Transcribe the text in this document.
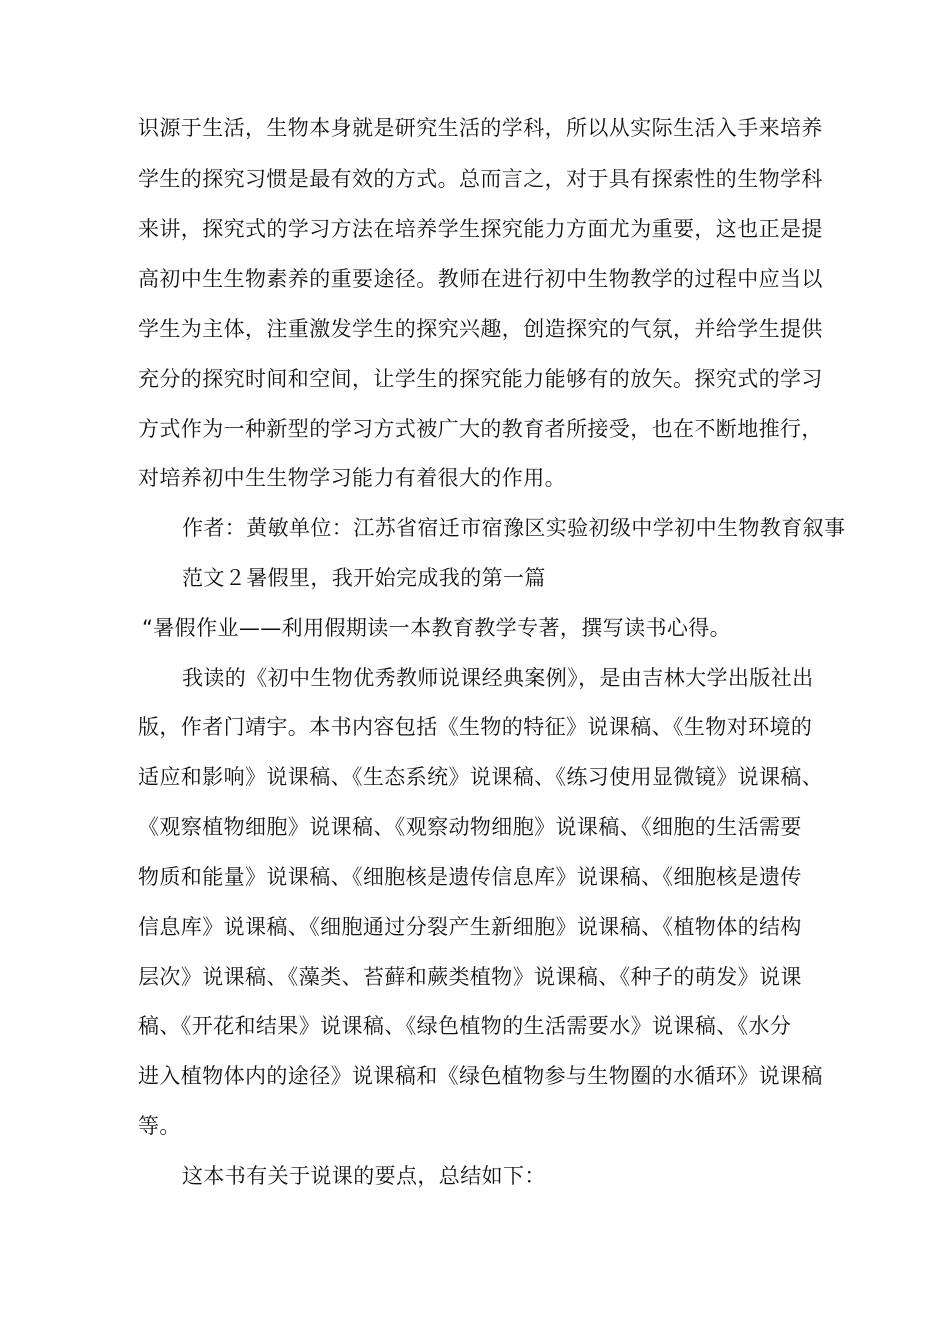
识源于生活，生物本身就是研究生活的学科，所以从实际生活入手来培养
学生的探究习惯是最有效的方式。总而言之，对于具有探索性的生物学科
来讲，探究式的学习方法在培养学生探究能力方面尤为重要，这也正是提
高初中生生物素养的重要途径。教师在进行初中生物教学的过程中应当以
学生为主体，注重激发学生的探究兴趣，创造探究的气氛，并给学生提供
充分的探究时间和空间，让学生的探究能力能够有的放矢。探究式的学习
方式作为一种新型的学习方式被广大的教育者所接受，也在不断地推行，
对培养初中生生物学习能力有着很大的作用。
作者：黄敏单位：江苏省宿迁市宿豫区实验初级中学初中生物教育叙事
范文２暑假里，我开始完成我的第一篇
“暑假作业——利用假期读一本教育教学专著，撰写读书心得。
我读的《初中生物优秀教师说课经典案例》，是由吉林大学出版社出
版，作者门靖宇。本书内容包括《生物的特征》说课稿、《生物对环境的
适应和影响》说课稿、《生态系统》说课稿、《练习使用显微镜》说课稿、
《观察植物细胞》说课稿、《观察动物细胞》说课稿、《细胞的生活需要
物质和能量》说课稿、《细胞核是遗传信息库》说课稿、《细胞核是遗传
信息库》说课稿、《细胞通过分裂产生新细胞》说课稿、《植物体的结构
层次》说课稿、《藻类、苔藓和蕨类植物》说课稿、《种子的萌发》说课
稿、《开花和结果》说课稿、《绿色植物的生活需要水》说课稿、《水分
进入植物体内的途径》说课稿和《绿色植物参与生物圈的水循环》说课稿
等。
这本书有关于说课的要点，总结如下：
